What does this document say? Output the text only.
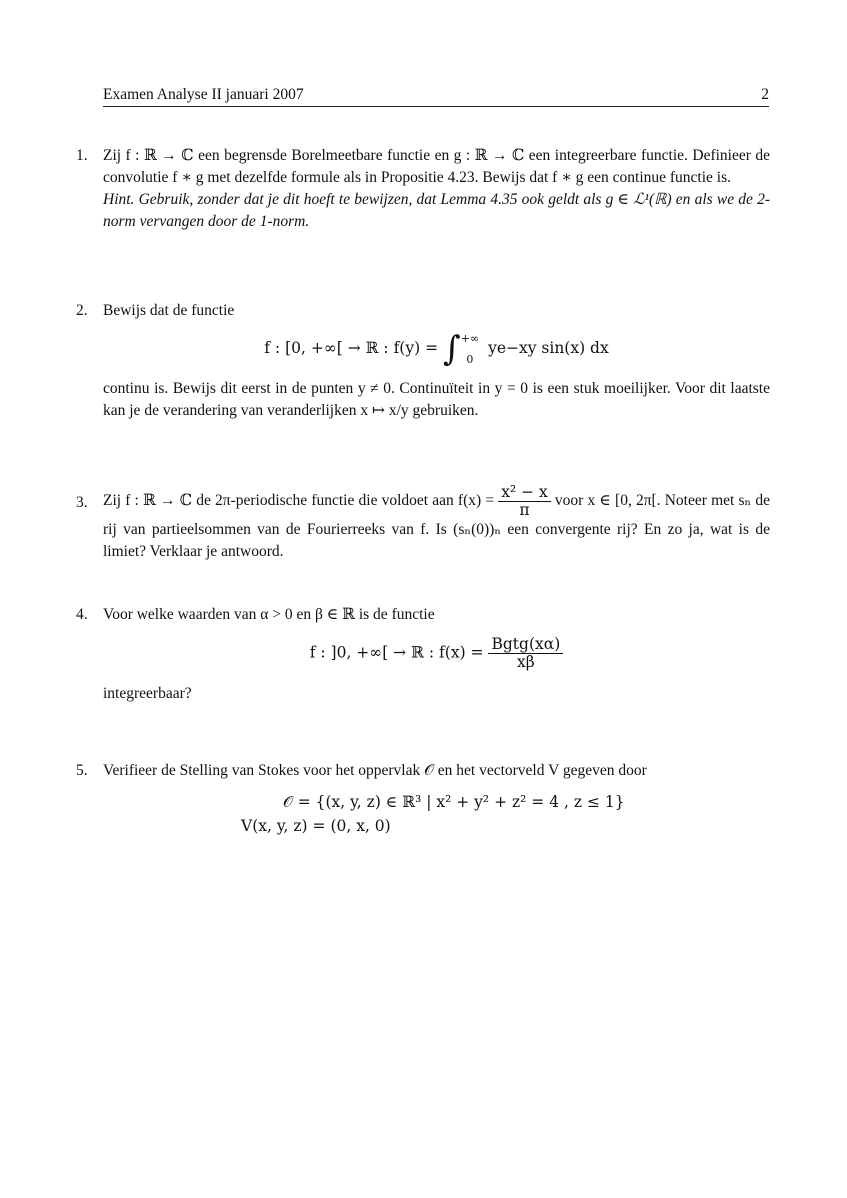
Examen Analyse II januari 2007	2
1. Zij f : ℝ → ℂ een begrensde Borelmeetbare functie en g : ℝ → ℂ een integreerbare functie. Definieer de convolutie f ∗ g met dezelfde formule als in Propositie 4.23. Bewijs dat f ∗ g een continue functie is.
Hint. Gebruik, zonder dat je dit hoeft te bewijzen, dat Lemma 4.35 ook geldt als g ∈ ℒ¹(ℝ) en als we de 2-norm vervangen door de 1-norm.
2. Bewijs dat de functie
f : [0, +∞[ → ℝ : f(y) = ∫ +∞
0
ye−xy sin(x) dx
continu is. Bewijs dit eerst in de punten y ≠ 0. Continuïteit in y = 0 is een stuk moeilijker. Voor dit laatste kan je de verandering van veranderlijken x ↦ x/y gebruiken.
3. Zij f : ℝ → ℂ de 2π-periodische functie die voldoet aan $f(x) = \frac{\text{x² − x}}{\pi}$ voor x ∈ [0, 2π[. Noteer met sₙ de rij van partieelsommen van de Fourierreeks van f. Is (sₙ(0))ₙ een convergente rij? En zo ja, wat is de limiet? Verklaar je antwoord.
4. Voor welke waarden van α > 0 en β ∈ ℝ is de functie
f : ]0, +∞[ → ℝ : $f(x) = \frac{\text{Bgtg(xα)}}{x\beta}$
integreerbaar?
5. Verifieer de Stelling van Stokes voor het oppervlak 𝒪 en het vectorveld V gegeven door
𝒪 = {(x, y, z) ∈ ℝ³ | x² + y² + z² = 4 , z ≤ 1}
V(x, y, z) = (0, x, 0)
